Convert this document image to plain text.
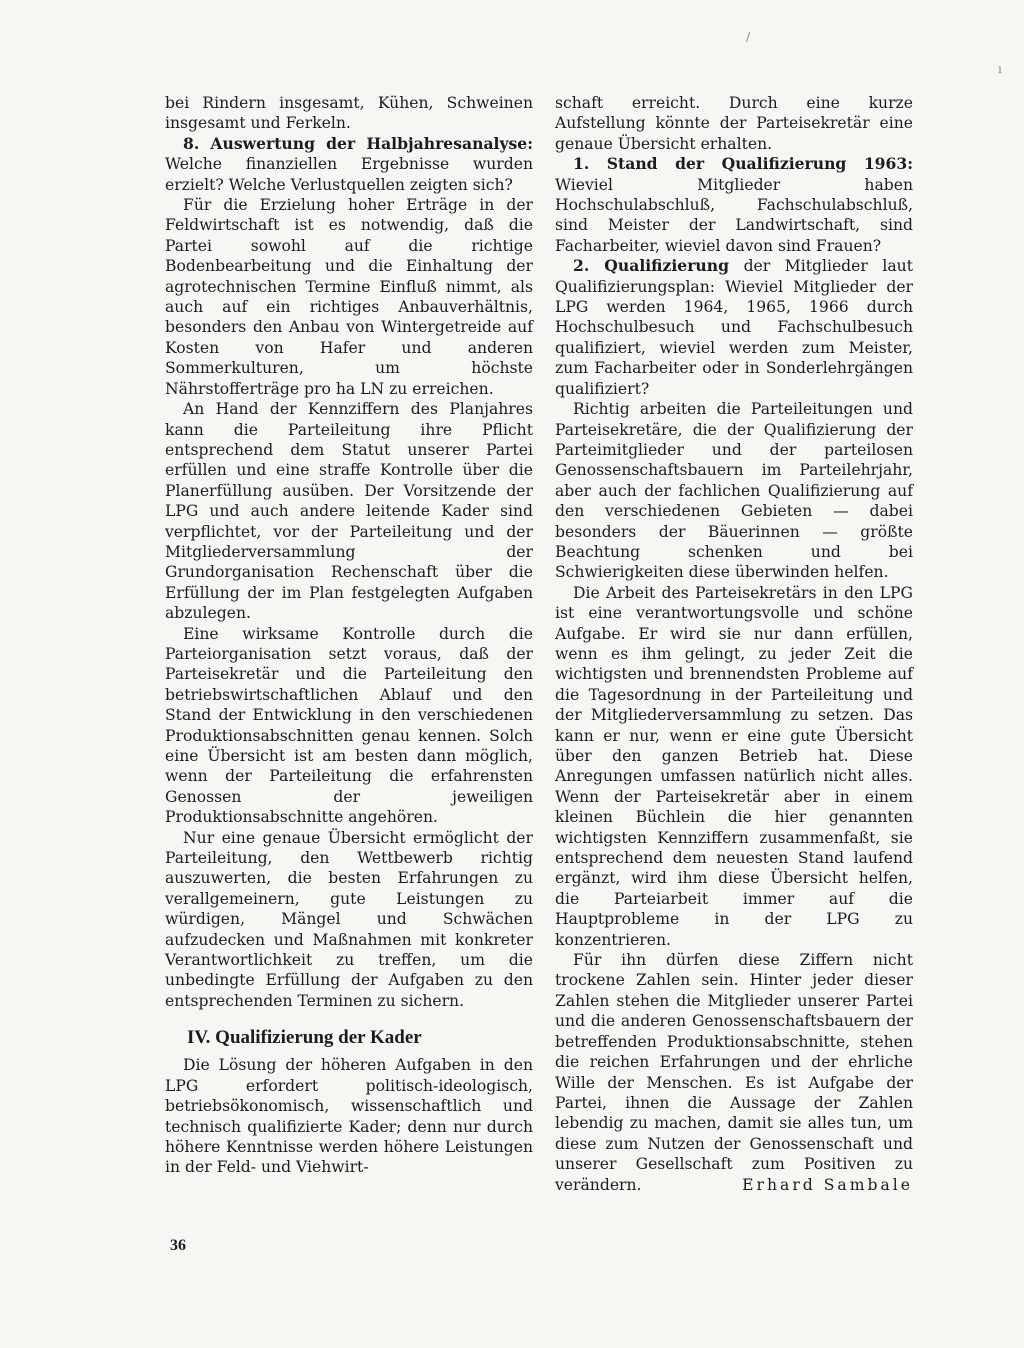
bei Rindern insgesamt, Kühen, Schweinen insgesamt und Ferkeln.

8. Auswertung der Halbjahresanalyse: Welche finanziellen Ergebnisse wurden erzielt? Welche Verlustquellen zeigten sich?

Für die Erzielung hoher Erträge in der Feldwirtschaft ist es notwendig, daß die Partei sowohl auf die richtige Bodenbearbeitung und die Einhaltung der agrotechnischen Termine Einfluß nimmt, als auch auf ein richtiges Anbauverhältnis, besonders den Anbau von Wintergetreide auf Kosten von Hafer und anderen Sommerkulturen, um höchste Nährstofferträge pro ha LN zu erreichen.

An Hand der Kennziffern des Planjahres kann die Parteileitung ihre Pflicht entsprechend dem Statut unserer Partei erfüllen und eine straffe Kontrolle über die Planerfüllung ausüben. Der Vorsitzende der LPG und auch andere leitende Kader sind verpflichtet, vor der Parteileitung und der Mitgliederversammlung der Grundorganisation Rechenschaft über die Erfüllung der im Plan festgelegten Aufgaben abzulegen.

Eine wirksame Kontrolle durch die Parteiorganisation setzt voraus, daß der Parteisekretär und die Parteileitung den betriebswirtschaftlichen Ablauf und den Stand der Entwicklung in den verschiedenen Produktionsabschnitten genau kennen. Solch eine Übersicht ist am besten dann möglich, wenn der Parteileitung die erfahrensten Genossen der jeweiligen Produktionsabschnitte angehören.

Nur eine genaue Übersicht ermöglicht der Parteileitung, den Wettbewerb richtig auszuwerten, die besten Erfahrungen zu verallgemeinern, gute Leistungen zu würdigen, Mängel und Schwächen aufzudecken und Maßnahmen mit konkreter Verantwortlichkeit zu treffen, um die unbedingte Erfüllung der Aufgaben zu den entsprechenden Terminen zu sichern.

IV. Qualifizierung der Kader

Die Lösung der höheren Aufgaben in den LPG erfordert politisch-ideologisch, betriebsökonomisch, wissenschaftlich und technisch qualifizierte Kader; denn nur durch höhere Kenntnisse werden höhere Leistungen in der Feld- und Viehwirt-

schaft erreicht. Durch eine kurze Aufstellung könnte der Parteisekretär eine genaue Übersicht erhalten.

1. Stand der Qualifizierung 1963: Wieviel Mitglieder haben Hochschulabschluß, Fachschulabschluß, sind Meister der Landwirtschaft, sind Facharbeiter, wieviel davon sind Frauen?

2. Qualifizierung der Mitglieder laut Qualifizierungsplan: Wieviel Mitglieder der LPG werden 1964, 1965, 1966 durch Hochschulbesuch und Fachschulbesuch qualifiziert, wieviel werden zum Meister, zum Facharbeiter oder in Sonderlehrgängen qualifiziert?

Richtig arbeiten die Parteileitungen und Parteisekretäre, die der Qualifizierung der Parteimitglieder und der parteilosen Genossenschaftsbauern im Parteilehrjahr, aber auch der fachlichen Qualifizierung auf den verschiedenen Gebieten — dabei besonders der Bäuerinnen — größte Beachtung schenken und bei Schwierigkeiten diese überwinden helfen.

Die Arbeit des Parteisekretärs in den LPG ist eine verantwortungsvolle und schöne Aufgabe. Er wird sie nur dann erfüllen, wenn es ihm gelingt, zu jeder Zeit die wichtigsten und brennendsten Probleme auf die Tagesordnung in der Parteileitung und der Mitgliederversammlung zu setzen. Das kann er nur, wenn er eine gute Übersicht über den ganzen Betrieb hat. Diese Anregungen umfassen natürlich nicht alles. Wenn der Parteisekretär aber in einem kleinen Büchlein die hier genannten wichtigsten Kennziffern zusammenfaßt, sie entsprechend dem neuesten Stand laufend ergänzt, wird ihm diese Übersicht helfen, die Parteiarbeit immer auf die Hauptprobleme in der LPG zu konzentrieren.

Für ihn dürfen diese Ziffern nicht trockene Zahlen sein. Hinter jeder dieser Zahlen stehen die Mitglieder unserer Partei und die anderen Genossenschaftsbauern der betreffenden Produktionsabschnitte, stehen die reichen Erfahrungen und der ehrliche Wille der Menschen. Es ist Aufgabe der Partei, ihnen die Aussage der Zahlen lebendig zu machen, damit sie alles tun, um diese zum Nutzen der Genossenschaft und unserer Gesellschaft zum Positiven zu verändern.	Erhard Sambale
36
/
ı
